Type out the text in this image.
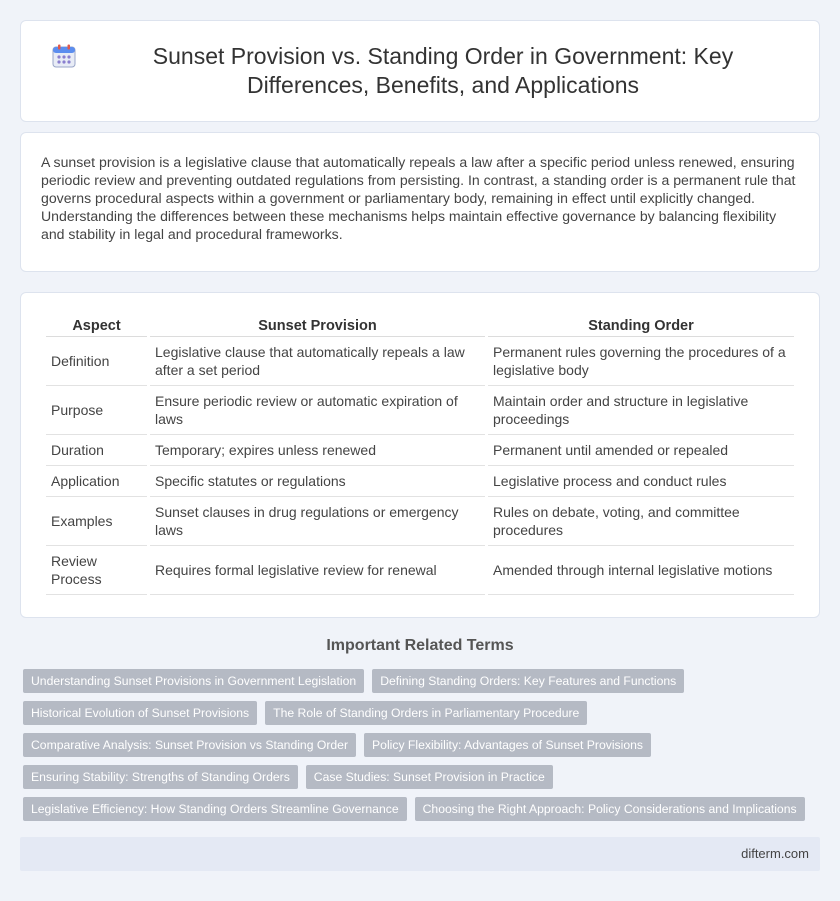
Sunset Provision vs. Standing Order in Government: Key Differences, Benefits, and Applications

A sunset provision is a legislative clause that automatically repeals a law after a specific period unless renewed, ensuring periodic review and preventing outdated regulations from persisting. In contrast, a standing order is a permanent rule that governs procedural aspects within a government or parliamentary body, remaining in effect until explicitly changed. Understanding the differences between these mechanisms helps maintain effective governance by balancing flexibility and stability in legal and procedural frameworks.

Aspect	Sunset Provision	Standing Order
Definition	Legislative clause that automatically repeals a law after a set period	Permanent rules governing the procedures of a legislative body
Purpose	Ensure periodic review or automatic expiration of laws	Maintain order and structure in legislative proceedings
Duration	Temporary; expires unless renewed	Permanent until amended or repealed
Application	Specific statutes or regulations	Legislative process and conduct rules
Examples	Sunset clauses in drug regulations or emergency laws	Rules on debate, voting, and committee procedures
Review Process	Requires formal legislative review for renewal	Amended through internal legislative motions
Important Related Terms
Understanding Sunset Provisions in Government Legislation	Defining Standing Orders: Key Features and Functions
Historical Evolution of Sunset Provisions	The Role of Standing Orders in Parliamentary Procedure
Comparative Analysis: Sunset Provision vs Standing Order	Policy Flexibility: Advantages of Sunset Provisions
Ensuring Stability: Strengths of Standing Orders	Case Studies: Sunset Provision in Practice
Legislative Efficiency: How Standing Orders Streamline Governance	Choosing the Right Approach: Policy Considerations and Implications
difterm.com
